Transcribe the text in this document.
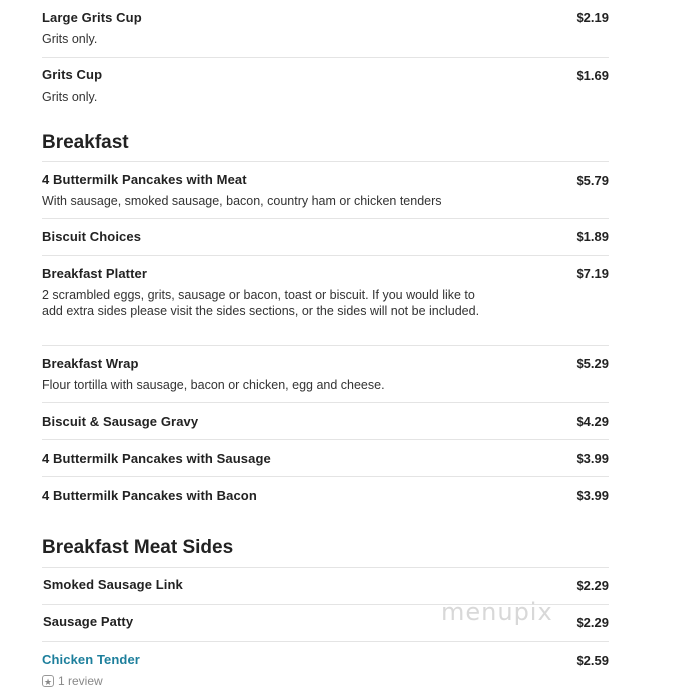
Large Grits Cup	$2.19
Grits only.
Grits Cup	$1.69
Grits only.
Breakfast
4 Buttermilk Pancakes with Meat	$5.79
With sausage, smoked sausage, bacon, country ham or chicken tenders
Biscuit Choices	$1.89
Breakfast Platter	$7.19
2 scrambled eggs, grits, sausage or bacon, toast or biscuit. If you would like to add extra sides please visit the sides sections, or the sides will not be included.
Breakfast Wrap	$5.29
Flour tortilla with sausage, bacon or chicken, egg and cheese.
Biscuit & Sausage Gravy	$4.29
4 Buttermilk Pancakes with Sausage	$3.99
4 Buttermilk Pancakes with Bacon	$3.99
Breakfast Meat Sides
Smoked Sausage Link	$2.29
Sausage Patty	$2.29
Chicken Tender	$2.59
★ 1 review
menupix
